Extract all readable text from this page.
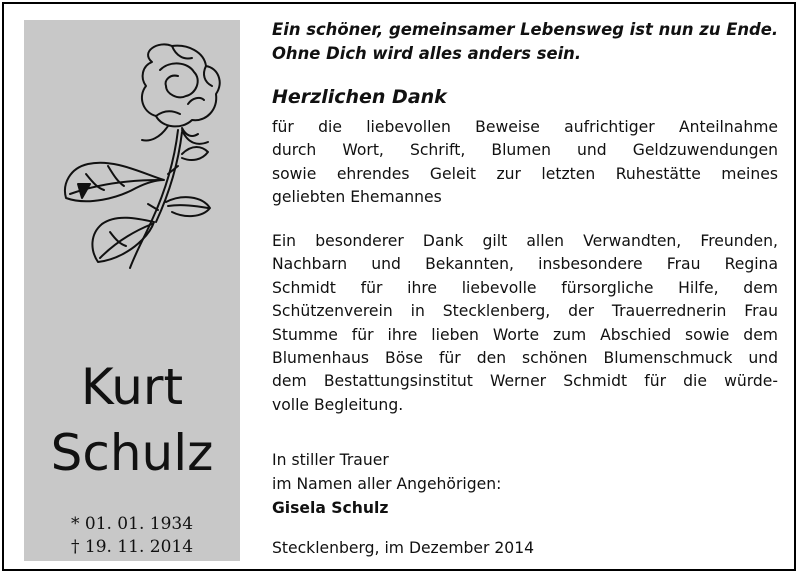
Kurt
Schulz
* 01. 01. 1934
† 19. 11. 2014

Ein schöner, gemeinsamer Lebensweg ist nun zu Ende.

Ohne Dich wird alles anders sein.

Herzlichen Dank

für die liebevollen Beweise aufrichtiger Anteilnahme
durch Wort, Schrift, Blumen und Geldzuwendungen
sowie ehrendes Geleit zur letzten Ruhestätte meines
geliebten Ehemannes
Ein besonderer Dank gilt allen Verwandten, Freunden,
Nachbarn und Bekannten, insbesondere Frau Regina
Schmidt für ihre liebevolle fürsorgliche Hilfe, dem
Schützenverein in Stecklenberg, der Trauerrednerin Frau
Stumme für ihre lieben Worte zum Abschied sowie dem
Blumenhaus Böse für den schönen Blumenschmuck und
dem Bestattungsinstitut Werner Schmidt für die würde-
volle Begleitung.
In stiller Trauer
im Namen aller Angehörigen:
Gisela Schulz
Stecklenberg, im Dezember 2014
